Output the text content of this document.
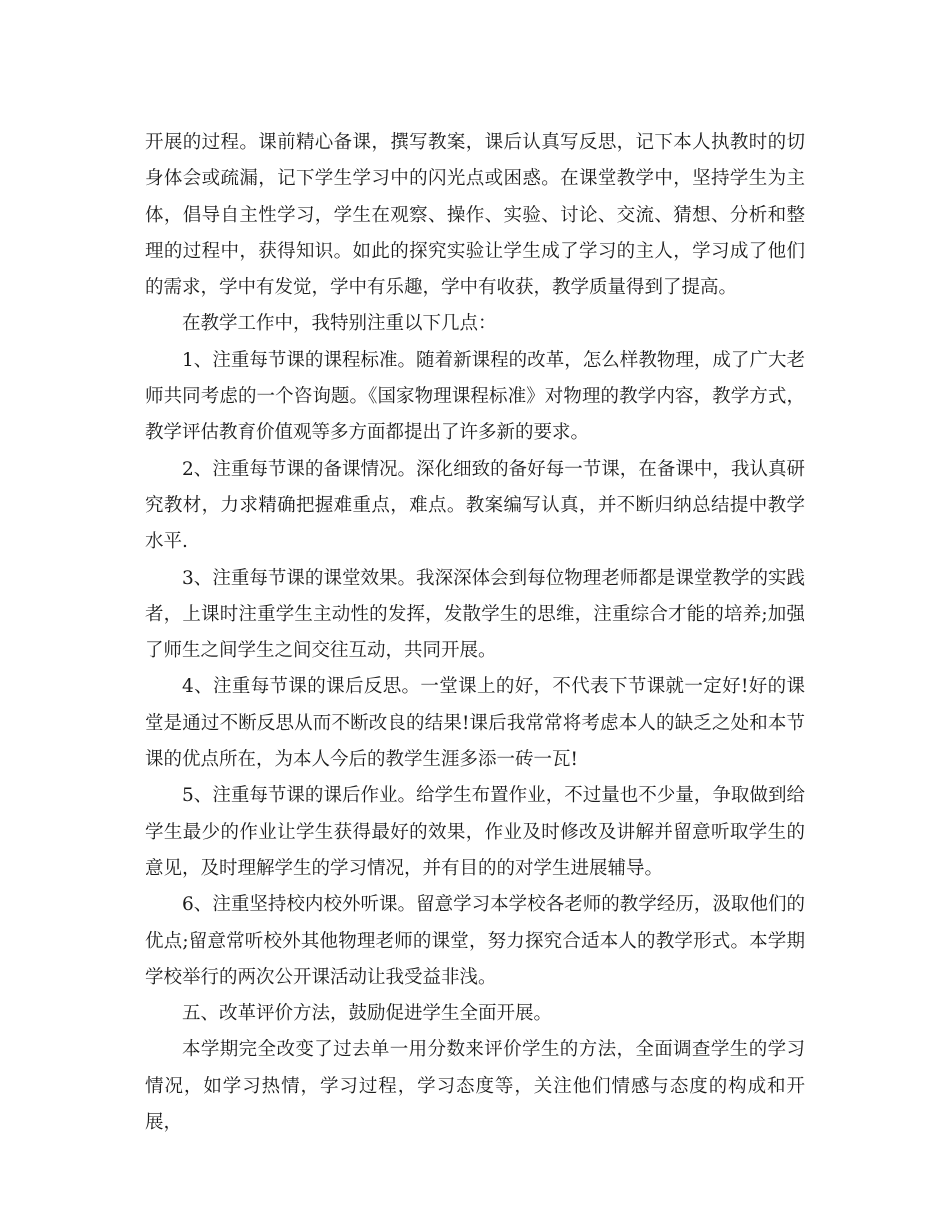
开展的过程。课前精心备课，撰写教案，课后认真写反思，记下本人执教时的切身体会或疏漏，记下学生学习中的闪光点或困惑。在课堂教学中，坚持学生为主体，倡导自主性学习，学生在观察、操作、实验、讨论、交流、猜想、分析和整理的过程中，获得知识。如此的探究实验让学生成了学习的主人，学习成了他们的需求，学中有发觉，学中有乐趣，学中有收获，教学质量得到了提高。

在教学工作中，我特别注重以下几点：

1、注重每节课的课程标准。随着新课程的改革，怎么样教物理，成了广大老师共同考虑的一个咨询题。《国家物理课程标准》对物理的教学内容，教学方式，教学评估教育价值观等多方面都提出了许多新的要求。

2、注重每节课的备课情况。深化细致的备好每一节课，在备课中，我认真研究教材，力求精确把握难重点，难点。教案编写认真，并不断归纳总结提中教学水平.

3、注重每节课的课堂效果。我深深体会到每位物理老师都是课堂教学的实践者，上课时注重学生主动性的发挥，发散学生的思维，注重综合才能的培养;加强了师生之间学生之间交往互动，共同开展。

4、注重每节课的课后反思。一堂课上的好，不代表下节课就一定好!好的课堂是通过不断反思从而不断改良的结果!课后我常常将考虑本人的缺乏之处和本节课的优点所在，为本人今后的教学生涯多添一砖一瓦!

5、注重每节课的课后作业。给学生布置作业，不过量也不少量，争取做到给学生最少的作业让学生获得最好的效果，作业及时修改及讲解并留意听取学生的意见，及时理解学生的学习情况，并有目的的对学生进展辅导。

6、注重坚持校内校外听课。留意学习本学校各老师的教学经历，汲取他们的优点;留意常听校外其他物理老师的课堂，努力探究合适本人的教学形式。本学期学校举行的两次公开课活动让我受益非浅。

五、改革评价方法，鼓励促进学生全面开展。

本学期完全改变了过去单一用分数来评价学生的方法，全面调查学生的学习情况，如学习热情，学习过程，学习态度等，关注他们情感与态度的构成和开展，
